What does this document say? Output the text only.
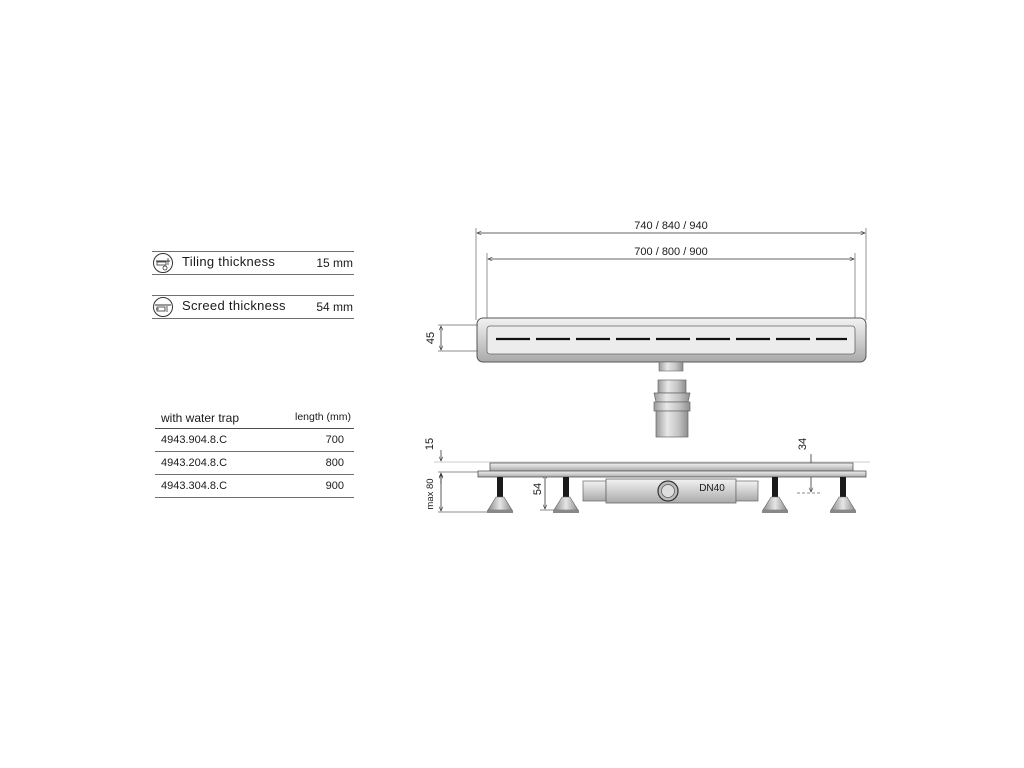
Tiling thickness	15 mm
Screed thickness	54 mm
with water trap	length (mm)
4943.904.8.C	700
4943.204.8.C	800
4943.304.8.C	900
740 / 840 / 940
700 / 800 / 900
45
15
max 80	54
34
DN40
